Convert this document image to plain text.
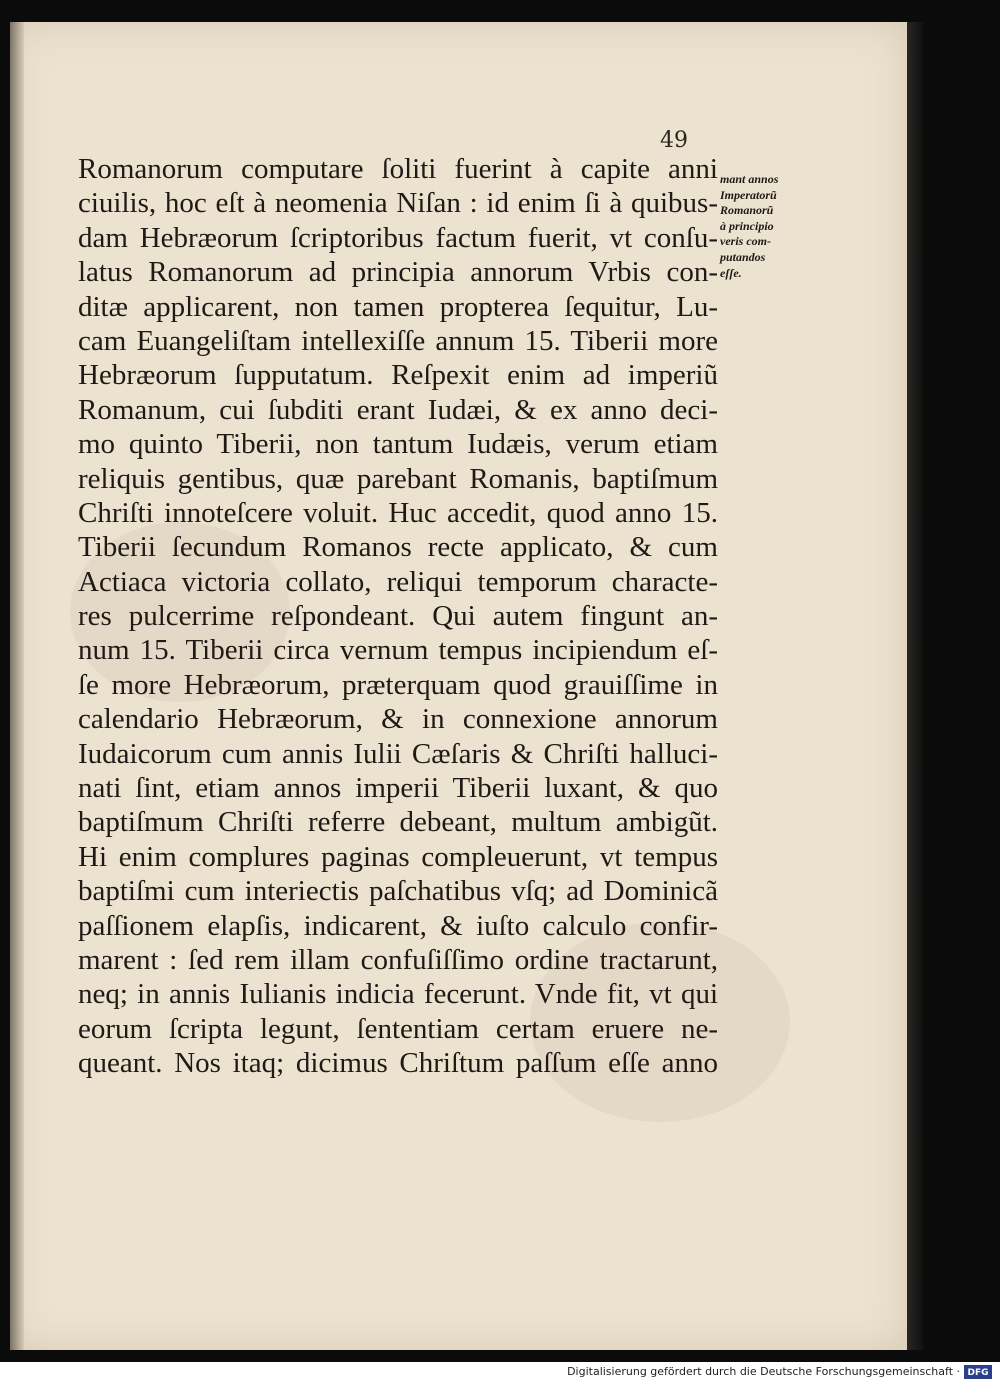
49
Romanorum computare ſoliti fuerint à capite anni
ciuilis, hoc eſt à neomenia Niſan : id enim ſi à quibus-
dam Hebræorum ſcriptoribus factum fuerit, vt conſu-
latus Romanorum ad principia annorum Vrbis con-
ditæ applicarent, non tamen propterea ſequitur, Lu-
cam Euangeliſtam intellexiſſe annum 15. Tiberii more
Hebræorum ſupputatum. Reſpexit enim ad imperiũ
Romanum, cui ſubditi erant Iudæi, & ex anno deci-
mo quinto Tiberii, non tantum Iudæis, verum etiam
reliquis gentibus, quæ parebant Romanis, baptiſmum
Chriſti innoteſcere voluit. Huc accedit, quod anno 15.
Tiberii ſecundum Romanos recte applicato, & cum
Actiaca victoria collato, reliqui temporum characte-
res pulcerrime reſpondeant. Qui autem fingunt an-
num 15. Tiberii circa vernum tempus incipiendum eſ-
ſe more Hebræorum, præterquam quod grauiſſime in
calendario Hebræorum, & in connexione annorum
Iudaicorum cum annis Iulii Cæſaris & Chriſti halluci-
nati ſint, etiam annos imperii Tiberii luxant, & quo
baptiſmum Chriſti referre debeant, multum ambigũt.
Hi enim complures paginas compleuerunt, vt tempus
baptiſmi cum interiectis paſchatibus vſq; ad Dominicã
paſſionem elapſis, indicarent, & iuſto calculo confir-
marent : ſed rem illam confuſiſſimo ordine tractarunt,
neq; in annis Iulianis indicia fecerunt. Vnde fit, vt qui
eorum ſcripta legunt, ſententiam certam eruere ne-
queant. Nos itaq; dicimus Chriſtum paſſum eſſe anno
mant annos
Imperatorũ
Romanorũ
à principio
veris com-
putandos
eſſe.
Digitalisierung gefördert durch die Deutsche Forschungsgemeinschaft · DFG
